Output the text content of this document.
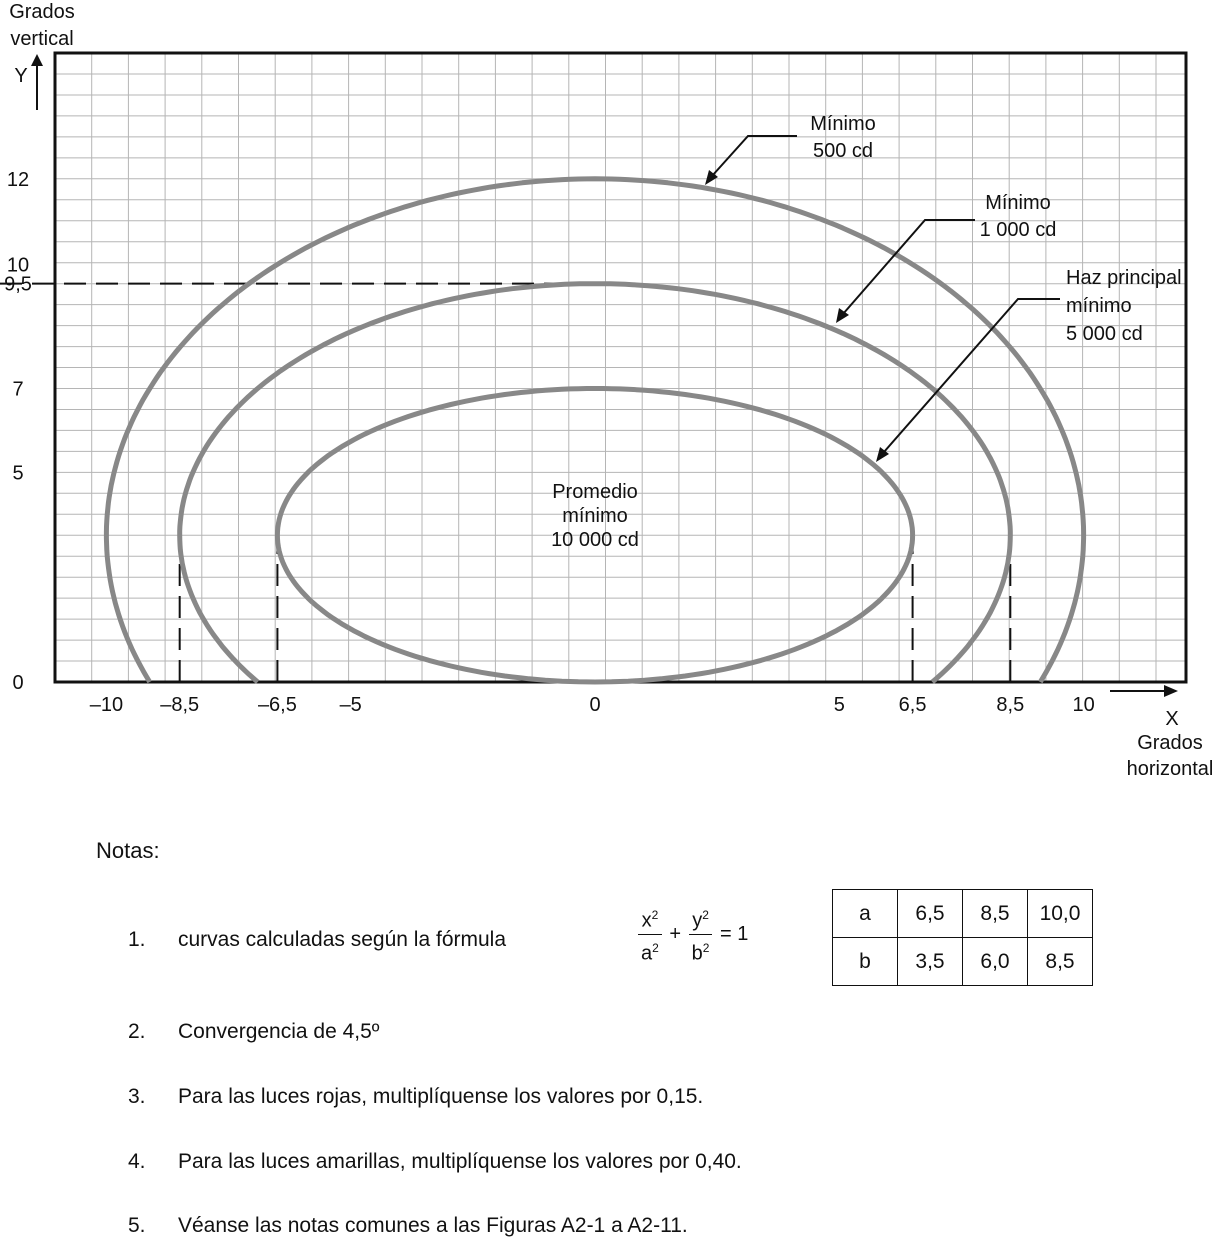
–10 –8,5	–6,5 –5	0	5	6,5	8,5 10
0
5
7
9,5
10
12
Grados
vertical
Y
X
Grados
horizontal
Mínimo
500 cd
Mínimo
1 000 cd
Haz principal
mínimo
5 000 cd
Promedio
mínimo
10 000 cd
Notas:
1. curvas calculadas según la fórmula	$\frac{x^2}{a^2} + \frac{y^2}{b^2} = 1$
a	6,5	8,5	10,0
b	3,5	6,0	8,5
2. Convergencia de 4,5º
3. Para las luces rojas, multiplíquense los valores por 0,15.
4. Para las luces amarillas, multiplíquense los valores por 0,40.
5. Véanse las notas comunes a las Figuras A2-1 a A2-11.
